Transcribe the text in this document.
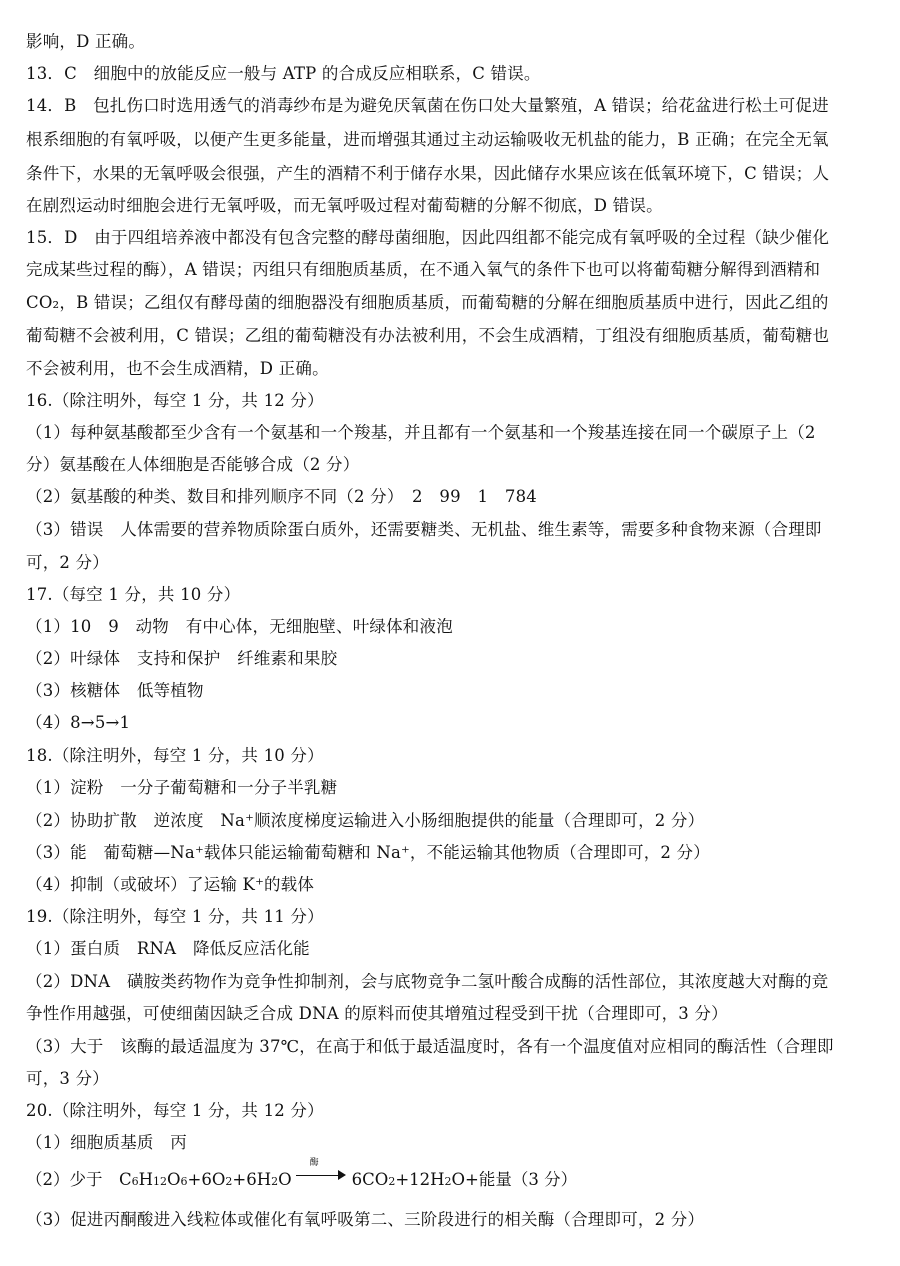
影响，D 正确。
13．C　细胞中的放能反应一般与 ATP 的合成反应相联系，C 错误。
14．B　包扎伤口时选用透气的消毒纱布是为避免厌氧菌在伤口处大量繁殖，A 错误；给花盆进行松土可促进
根系细胞的有氧呼吸，以便产生更多能量，进而增强其通过主动运输吸收无机盐的能力，B 正确；在完全无氧
条件下，水果的无氧呼吸会很强，产生的酒精不利于储存水果，因此储存水果应该在低氧环境下，C 错误；人
在剧烈运动时细胞会进行无氧呼吸，而无氧呼吸过程对葡萄糖的分解不彻底，D 错误。
15．D　由于四组培养液中都没有包含完整的酵母菌细胞，因此四组都不能完成有氧呼吸的全过程（缺少催化
完成某些过程的酶），A 错误；丙组只有细胞质基质，在不通入氧气的条件下也可以将葡萄糖分解得到酒精和
CO₂，B 错误；乙组仅有酵母菌的细胞器没有细胞质基质，而葡萄糖的分解在细胞质基质中进行，因此乙组的
葡萄糖不会被利用，C 错误；乙组的葡萄糖没有办法被利用，不会生成酒精，丁组没有细胞质基质，葡萄糖也
不会被利用，也不会生成酒精，D 正确。
16.（除注明外，每空 1 分，共 12 分）
（1）每种氨基酸都至少含有一个氨基和一个羧基，并且都有一个氨基和一个羧基连接在同一个碳原子上（2
分）氨基酸在人体细胞是否能够合成（2 分）
（2）氨基酸的种类、数目和排列顺序不同（2 分）　2　99　1　784
（3）错误　人体需要的营养物质除蛋白质外，还需要糖类、无机盐、维生素等，需要多种食物来源（合理即
可，2 分）
17.（每空 1 分，共 10 分）
（1）10　9　动物　有中心体，无细胞壁、叶绿体和液泡
（2）叶绿体　支持和保护　纤维素和果胶
（3）核糖体　低等植物
（4）8→5→1
18.（除注明外，每空 1 分，共 10 分）
（1）淀粉　一分子葡萄糖和一分子半乳糖
（2）协助扩散　逆浓度　Na⁺顺浓度梯度运输进入小肠细胞提供的能量（合理即可，2 分）
（3）能　葡萄糖—Na⁺载体只能运输葡萄糖和 Na⁺，不能运输其他物质（合理即可，2 分）
（4）抑制（或破坏）了运输 K⁺的载体
19.（除注明外，每空 1 分，共 11 分）
（1）蛋白质　RNA　降低反应活化能
（2）DNA　磺胺类药物作为竞争性抑制剂，会与底物竞争二氢叶酸合成酶的活性部位，其浓度越大对酶的竞
争性作用越强，可使细菌因缺乏合成 DNA 的原料而使其增殖过程受到干扰（合理即可，3 分）
（3）大于　该酶的最适温度为 37℃，在高于和低于最适温度时，各有一个温度值对应相同的酶活性（合理即
可，3 分）
20.（除注明外，每空 1 分，共 12 分）
（1）细胞质基质　丙
（2）少于　C6H12O6+6O2+6H2O
酶
6CO2+12H2O+能量（3 分）
（3）促进丙酮酸进入线粒体或催化有氧呼吸第二、三阶段进行的相关酶（合理即可，2 分）
